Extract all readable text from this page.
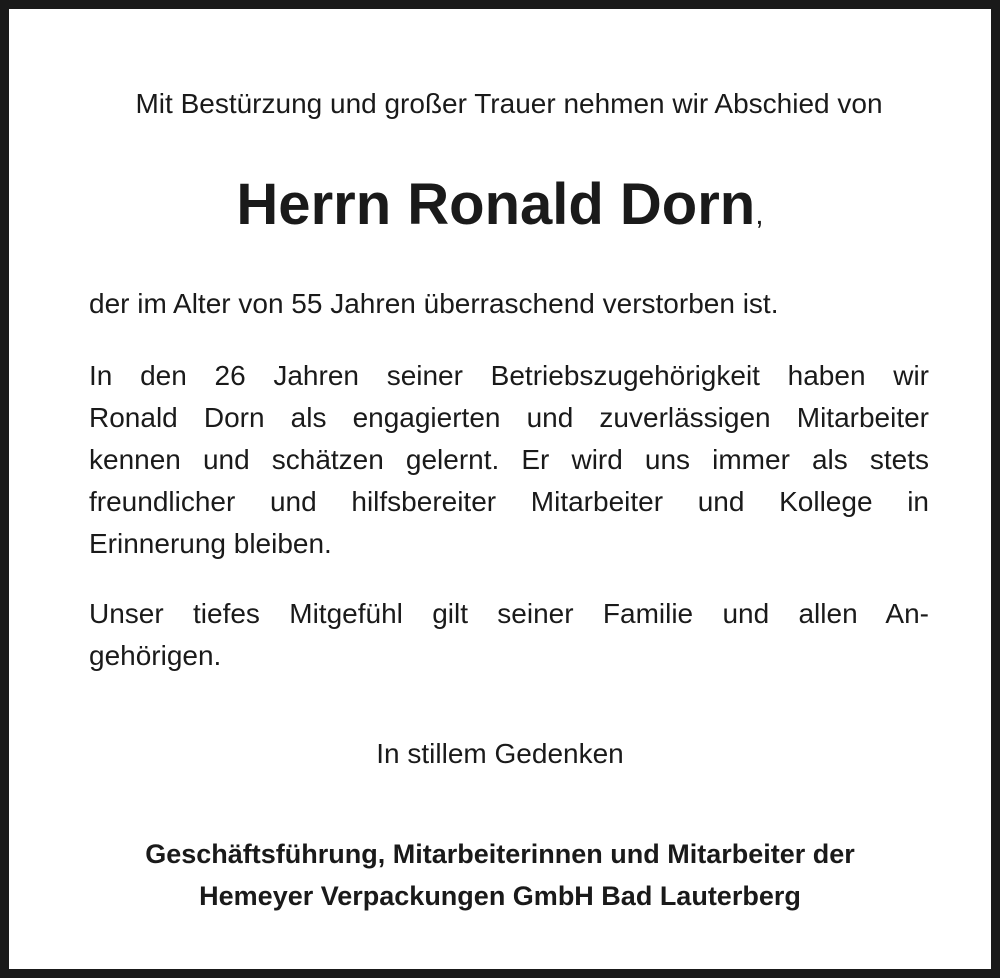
Mit Bestürzung und großer Trauer nehmen wir Abschied von
Herrn Ronald Dorn,
der im Alter von 55 Jahren überraschend verstorben ist.
In den 26 Jahren seiner Betriebszugehörigkeit haben wir
Ronald Dorn als engagierten und zuverlässigen Mitarbeiter
kennen und schätzen gelernt. Er wird uns immer als stets
freundlicher und hilfsbereiter Mitarbeiter und Kollege in
Erinnerung bleiben.
Unser tiefes Mitgefühl gilt seiner Familie und allen An-
gehörigen.
In stillem Gedenken
Geschäftsführung, Mitarbeiterinnen und Mitarbeiter der
Hemeyer Verpackungen GmbH Bad Lauterberg
